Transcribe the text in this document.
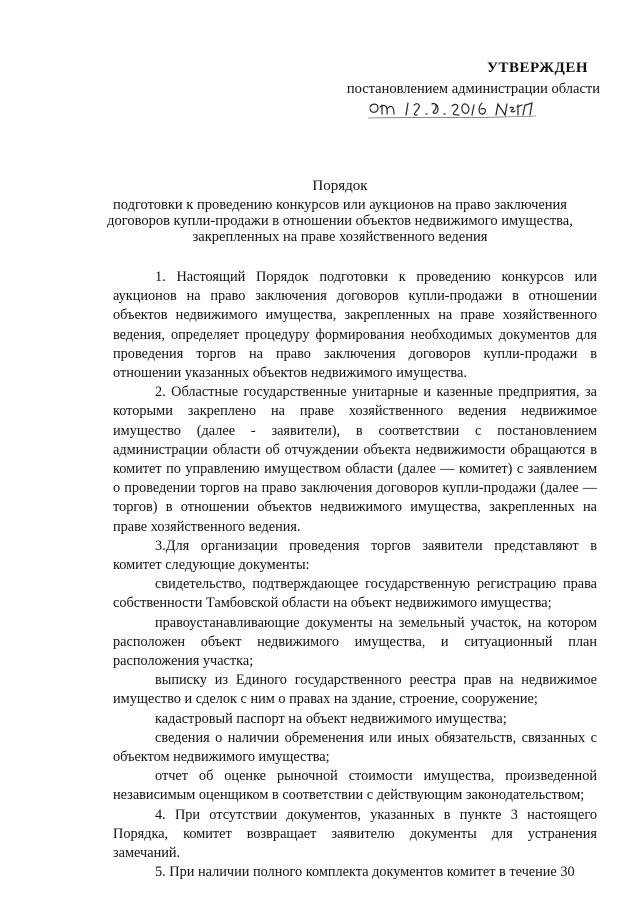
УТВЕРЖДЕН
постановлением администрации области
Порядок
подготовки к проведению конкурсов или аукционов на право заключения
договоров купли-продажи в отношении объектов недвижимого имущества,
закрепленных на праве хозяйственного ведения

1. Настоящий Порядок подготовки к проведению конкурсов или аукционов на право заключения договоров купли-продажи в отношении объектов недвижимого имущества, закрепленных на праве хозяйственного ведения, определяет процедуру формирования необходимых документов для проведения торгов на право заключения договоров купли-продажи в отношении указанных объектов недвижимого имущества.

2. Областные государственные унитарные и казенные предприятия, за которыми закреплено на праве хозяйственного ведения недвижимое имущество (далее - заявители), в соответствии с постановлением администрации области об отчуждении объекта недвижимости обращаются в комитет по управлению имуществом области (далее — комитет) с заявлением о проведении торгов на право заключения договоров купли-продажи (далее — торгов) в отношении объектов недвижимого имущества, закрепленных на праве хозяйственного ведения.

3.Для организации проведения торгов заявители представляют в комитет следующие документы:

свидетельство, подтверждающее государственную регистрацию права собственности Тамбовской области на объект недвижимого имущества;

правоустанавливающие документы на земельный участок, на котором расположен объект недвижимого имущества, и ситуационный план расположения участка;

выписку из Единого государственного реестра прав на недвижимое имущество и сделок с ним о правах на здание, строение, сооружение;

кадастровый паспорт на объект недвижимого имущества;

сведения о наличии обременения или иных обязательств, связанных с объектом недвижимого имущества;

отчет об оценке рыночной стоимости имущества, произведенной независимым оценщиком в соответствии с действующим законодательством;

4. При отсутствии документов, указанных в пункте 3 настоящего Порядка, комитет возвращает заявителю документы для устранения замечаний.

5. При наличии полного комплекта документов комитет в течение 30
